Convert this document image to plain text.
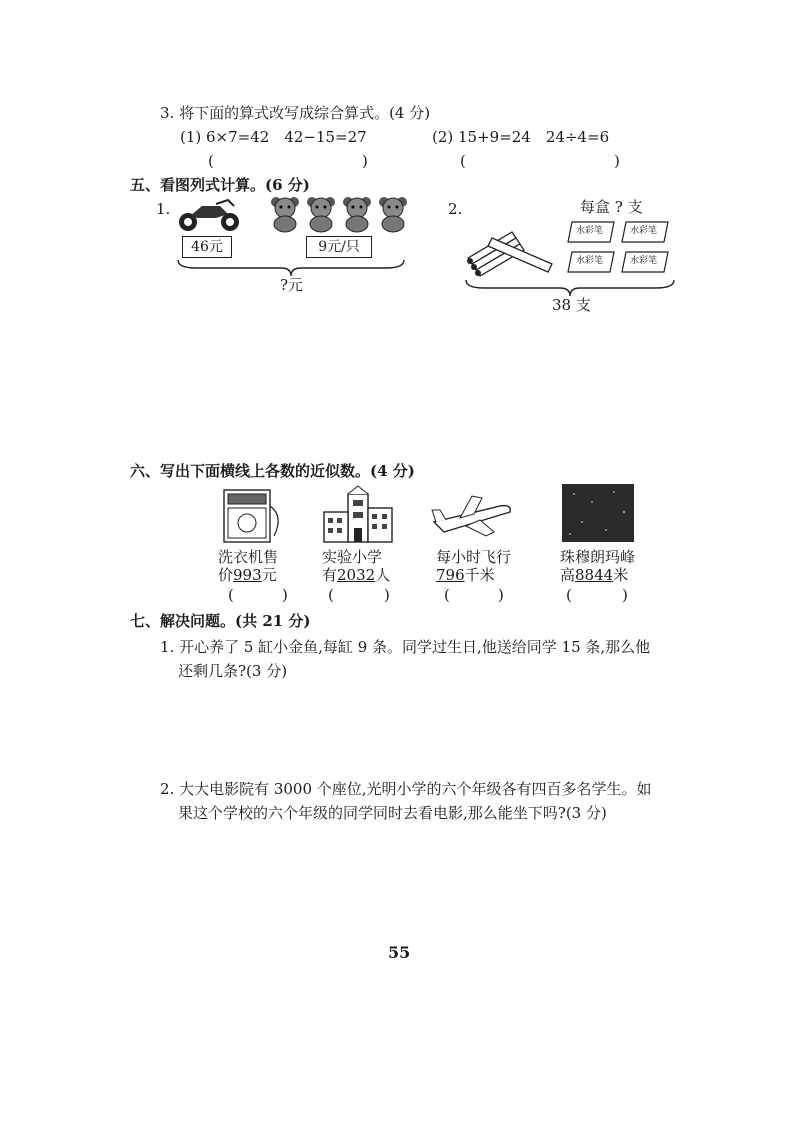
3. 将下面的算式改写成综合算式。(4 分)
(1) 6×7=42　42−15=27	(2) 15+9=24　24÷4=6
(	)	(	)
五、看图列式计算。(6 分)
1.
46元	9元/只
?元
2.	每盒 ? 支
水彩笔	水彩笔
水彩笔	水彩笔
38 支
六、写出下面横线上各数的近似数。(4 分)
洗衣机售
价993元
实验小学
有2032人
每小时飞行
796千米
珠穆朗玛峰
高8844米
(	)	(	)	(	)	(	)
七、解决问题。(共 21 分)
1. 开心养了 5 缸小金鱼,每缸 9 条。同学过生日,他送给同学 15 条,那么他
还剩几条?(3 分)
2. 大大电影院有 3000 个座位,光明小学的六个年级各有四百多名学生。如
果这个学校的六个年级的同学同时去看电影,那么能坐下吗?(3 分)
55
